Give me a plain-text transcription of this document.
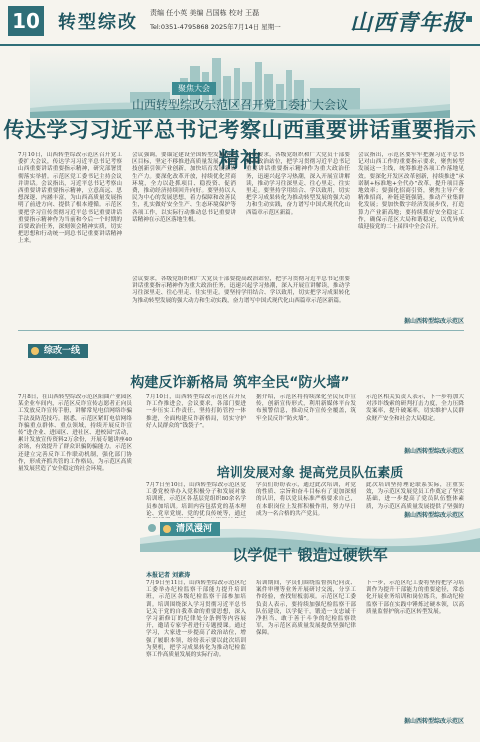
10 转型综改 责编 任小英 美编 吕国栋 校对 王磊
Tel:0351-4795868 2025年7月14日 星期一	山西青年报
聚焦大会
山西转型综改示范区召开党工委扩大会议
传达学习习近平总书记考察山西重要讲话重要指示精神
7月10日，山西转型综改示范区召开党工委扩大会议，传达学习习近平总书记考察山西重要讲话重要指示精神，研究部署贯彻落实举措。示范区党工委书记主持会议并讲话。会议指出，习近平总书记考察山西重要讲话重要指示精神，立意高远、思想深邃、内涵丰富，为山西高质量发展指明了前进方向、提供了根本遵循。示范区要把学习宣传贯彻习近平总书记重要讲话重要指示精神作为当前和今后一个时期的首要政治任务，深刻领会精神实质，切实把思想和行动统一到总书记重要讲话精神上来。
会议强调，要锚定建设全国转型发展示范区目标，坚定不移推进高质量发展，以科技创新引领产业创新，加快培育发展新质生产力。要深化改革开放，持续优化营商环境，全力以赴抓项目、稳投资、促消费，推动经济持续回升向好。要坚持以人民为中心的发展思想，着力保障和改善民生，扎实做好安全生产、生态环境保护等各项工作，以实际行动推动总书记重要讲话精神在示范区落地生根。
会议要求，各级党组织和广大党员干部要提高政治站位，把学习贯彻习近平总书记重要讲话重要指示精神作为重大政治任务，迅速兴起学习热潮，深入开展宣讲解读，推动学习往深里走、往心里走、往实里走。要坚持学用结合、学以致用，切实把学习成果转化为推动转型发展的强大动力和生动实践，奋力谱写中国式现代化山西篇章示范区新篇。
会议指出，示范区要牢牢把握习近平总书记对山西工作的重要指示要求，聚焦转型发展这一主线，统筹推进各项工作落地见效。要深化开发区改革创新，持续推进“承诺制+标准地+全代办”改革，提升项目落地效率；要强化招商引资，聚焦主导产业精准招商，补链延链强链，推动产业集群化发展；要加快数字经济发展步伐，打造算力产业新高地；要持续抓好安全稳定工作，确保示范区大局和谐稳定，以优异成绩迎接党的二十届四中全会召开。
会议要求，各级党组织和广大党员干部要提高政治站位，把学习贯彻习近平总书记重要讲话重要指示精神作为重大政治任务，迅速兴起学习热潮，深入开展宣讲解读，推动学习往深里走、往心里走、往实里走。要坚持学用结合、学以致用，切实把学习成果转化为推动转型发展的强大动力和生动实践，奋力谱写中国式现代化山西篇章示范区新篇。
据山西转型综改示范区
综改一线
构建反诈新格局 筑牢全民“防火墙”
7月8日，在山西转型综改示范区阳曲产业园区某企业车间内，示范区反诈宣传志愿者正向员工发放反诈宣传手册，讲解常见电信网络诈骗手法及防范技巧。据悉，示范区紧盯电信网络诈骗重点群体、重点领域，持续开展反诈宣传“进企业、进园区、进社区、进校园”活动，累计发放宣传资料2万余份，开展专题讲座40余场，有效提升了群众识骗防骗能力。示范区还建立完善反诈工作联动机制，强化部门协作，形成齐抓共管的工作格局，为示范区高质量发展营造了安全稳定的社会环境。
7月10日，山西转型综改示范区召开反诈工作推进会，会议要求，各部门要进一步压实工作责任，坚持打防管控一体推进，全面构建反诈新格局，切实守护好人民群众的“钱袋子”。
据介绍，示范区将持续深化全民反诈宣传，创新宣传形式，利用新媒体平台发布预警信息，推动反诈宣传全覆盖，筑牢全民反诈“防火墙”。
示范区相关负责人表示，下一步将加大对涉诈线索的研判打击力度，全力压降发案率，提升破案率，切实维护人民群众财产安全和社会大局稳定。
据山西转型综改示范区
培训发展对象 提高党员队伍素质
7月7日至10日，山西转型综改示范区党工委党校举办入党积极分子和发展对象培训班，示范区各基层党组织80余名学员参加培训。培训内容包括党的基本理论、党章党规、党的优良传统等，通过
学员们纷纷表示，通过此次培训，对党的性质、宗旨和奋斗目标有了更加深刻的认识，将以党员标准严格要求自己，在本职岗位上发挥积极作用，努力早日成为一名合格的共产党员。
此次培训坚持理论联系实际，注重实效，为示范区发展党员工作奠定了坚实基础，进一步提高了党员队伍整体素质，为示范区高质量发展提供了坚强的
据山西转型综改示范区
清风漫河
以学促干 锻造过硬铁军
本报记者 刘素涛
7月9日至11日，山西转型综改示范区纪工委举办纪检监察干部能力提升培训班，示范区各级纪检监察干部参加培训。培训围绕深入学习贯彻习近平总书记关于党的自我革命的重要思想，深入学习新修订的纪律处分条例等内容展开，邀请专家学者进行专题授课。通过学习，大家进一步提高了政治站位，增强了履职本领，纷纷表示要以此次培训为契机，把学习成果转化为推动纪检监察工作高质量发展的实际行动。
培训期间，学员们围绕监督执纪问责、案件审理等业务开展研讨交流，分享工作经验，查找短板弱项。示范区纪工委负责人表示，要持续加强纪检监察干部队伍建设，以学促干，锻造一支忠诚干净担当、敢于善于斗争的纪检监察铁军，为示范区高质量发展提供坚强纪律保障。
下一步，示范区纪工委将坚持把学习培训作为提升干部能力的重要途径，常态化开展业务培训和岗位练兵，推动纪检监察干部在实践中锤炼过硬本领，以高质量监督护航示范区转型发展。
据山西转型综改示范区
